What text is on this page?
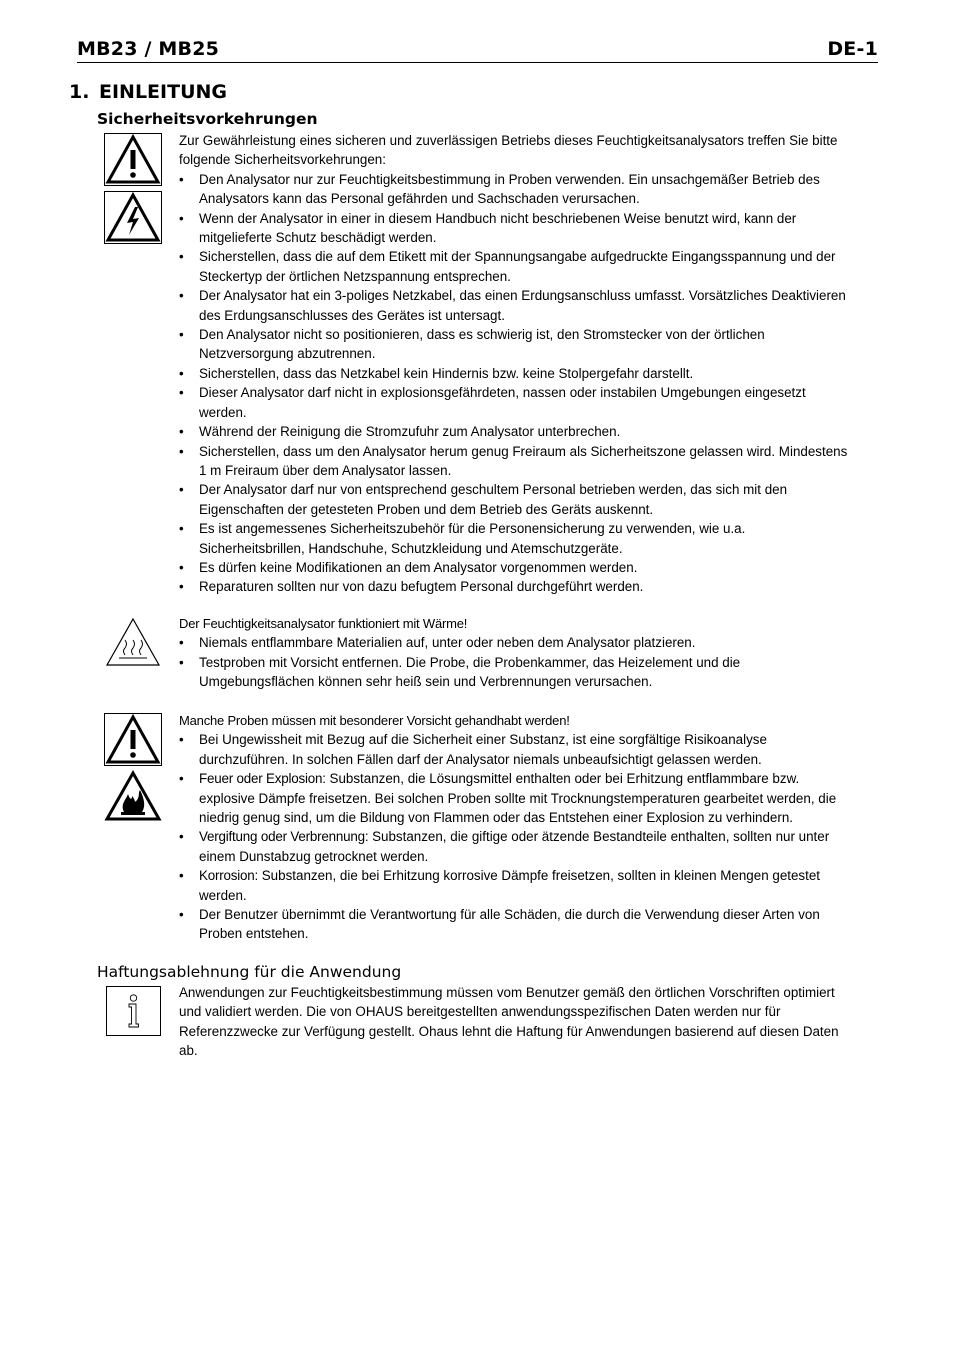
MB23 / MB25	DE-1
1. EINLEITUNG
Sicherheitsvorkehrungen

Zur Gewährleistung eines sicheren und zuverlässigen Betriebs dieses Feuchtigkeitsanalysators treffen Sie bitte folgende Sicherheitsvorkehrungen:

• Den Analysator nur zur Feuchtigkeitsbestimmung in Proben verwenden. Ein unsachgemäßer Betrieb des Analysators kann das Personal gefährden und Sachschaden verursachen.
• Wenn der Analysator in einer in diesem Handbuch nicht beschriebenen Weise benutzt wird, kann der mitgelieferte Schutz beschädigt werden.
• Sicherstellen, dass die auf dem Etikett mit der Spannungsangabe aufgedruckte Eingangsspannung und der Steckertyp der örtlichen Netzspannung entsprechen.
• Der Analysator hat ein 3-poliges Netzkabel, das einen Erdungsanschluss umfasst. Vorsätzliches Deaktivieren des Erdungsanschlusses des Gerätes ist untersagt.
• Den Analysator nicht so positionieren, dass es schwierig ist, den Stromstecker von der örtlichen Netzversorgung abzutrennen.
• Sicherstellen, dass das Netzkabel kein Hindernis bzw. keine Stolpergefahr darstellt.
• Dieser Analysator darf nicht in explosionsgefährdeten, nassen oder instabilen Umgebungen eingesetzt werden.
• Während der Reinigung die Stromzufuhr zum Analysator unterbrechen.
• Sicherstellen, dass um den Analysator herum genug Freiraum als Sicherheitszone gelassen wird. Mindestens 1 m Freiraum über dem Analysator lassen.
• Der Analysator darf nur von entsprechend geschultem Personal betrieben werden, das sich mit den Eigenschaften der getesteten Proben und dem Betrieb des Geräts auskennt.
• Es ist angemessenes Sicherheitszubehör für die Personensicherung zu verwenden, wie u.a. Sicherheitsbrillen, Handschuhe, Schutzkleidung und Atemschutzgeräte.
• Es dürfen keine Modifikationen an dem Analysator vorgenommen werden.
• Reparaturen sollten nur von dazu befugtem Personal durchgeführt werden.

Der Feuchtigkeitsanalysator funktioniert mit Wärme!

• Niemals entflammbare Materialien auf, unter oder neben dem Analysator platzieren.
• Testproben mit Vorsicht entfernen. Die Probe, die Probenkammer, das Heizelement und die Umgebungsflächen können sehr heiß sein und Verbrennungen verursachen.

Manche Proben müssen mit besonderer Vorsicht gehandhabt werden!

• Bei Ungewissheit mit Bezug auf die Sicherheit einer Substanz, ist eine sorgfältige Risikoanalyse durchzuführen. In solchen Fällen darf der Analysator niemals unbeaufsichtigt gelassen werden.
• Feuer oder Explosion: Substanzen, die Lösungsmittel enthalten oder bei Erhitzung entflammbare bzw. explosive Dämpfe freisetzen. Bei solchen Proben sollte mit Trocknungstemperaturen gearbeitet werden, die niedrig genug sind, um die Bildung von Flammen oder das Entstehen einer Explosion zu verhindern.
• Vergiftung oder Verbrennung: Substanzen, die giftige oder ätzende Bestandteile enthalten, sollten nur unter einem Dunstabzug getrocknet werden.
• Korrosion: Substanzen, die bei Erhitzung korrosive Dämpfe freisetzen, sollten in kleinen Mengen getestet werden.
• Der Benutzer übernimmt die Verantwortung für alle Schäden, die durch die Verwendung dieser Arten von Proben entstehen.
Haftungsablehnung für die Anwendung

Anwendungen zur Feuchtigkeitsbestimmung müssen vom Benutzer gemäß den örtlichen Vorschriften optimiert und validiert werden. Die von OHAUS bereitgestellten anwendungsspezifischen Daten werden nur für Referenzzwecke zur Verfügung gestellt. Ohaus lehnt die Haftung für Anwendungen basierend auf diesen Daten ab.
